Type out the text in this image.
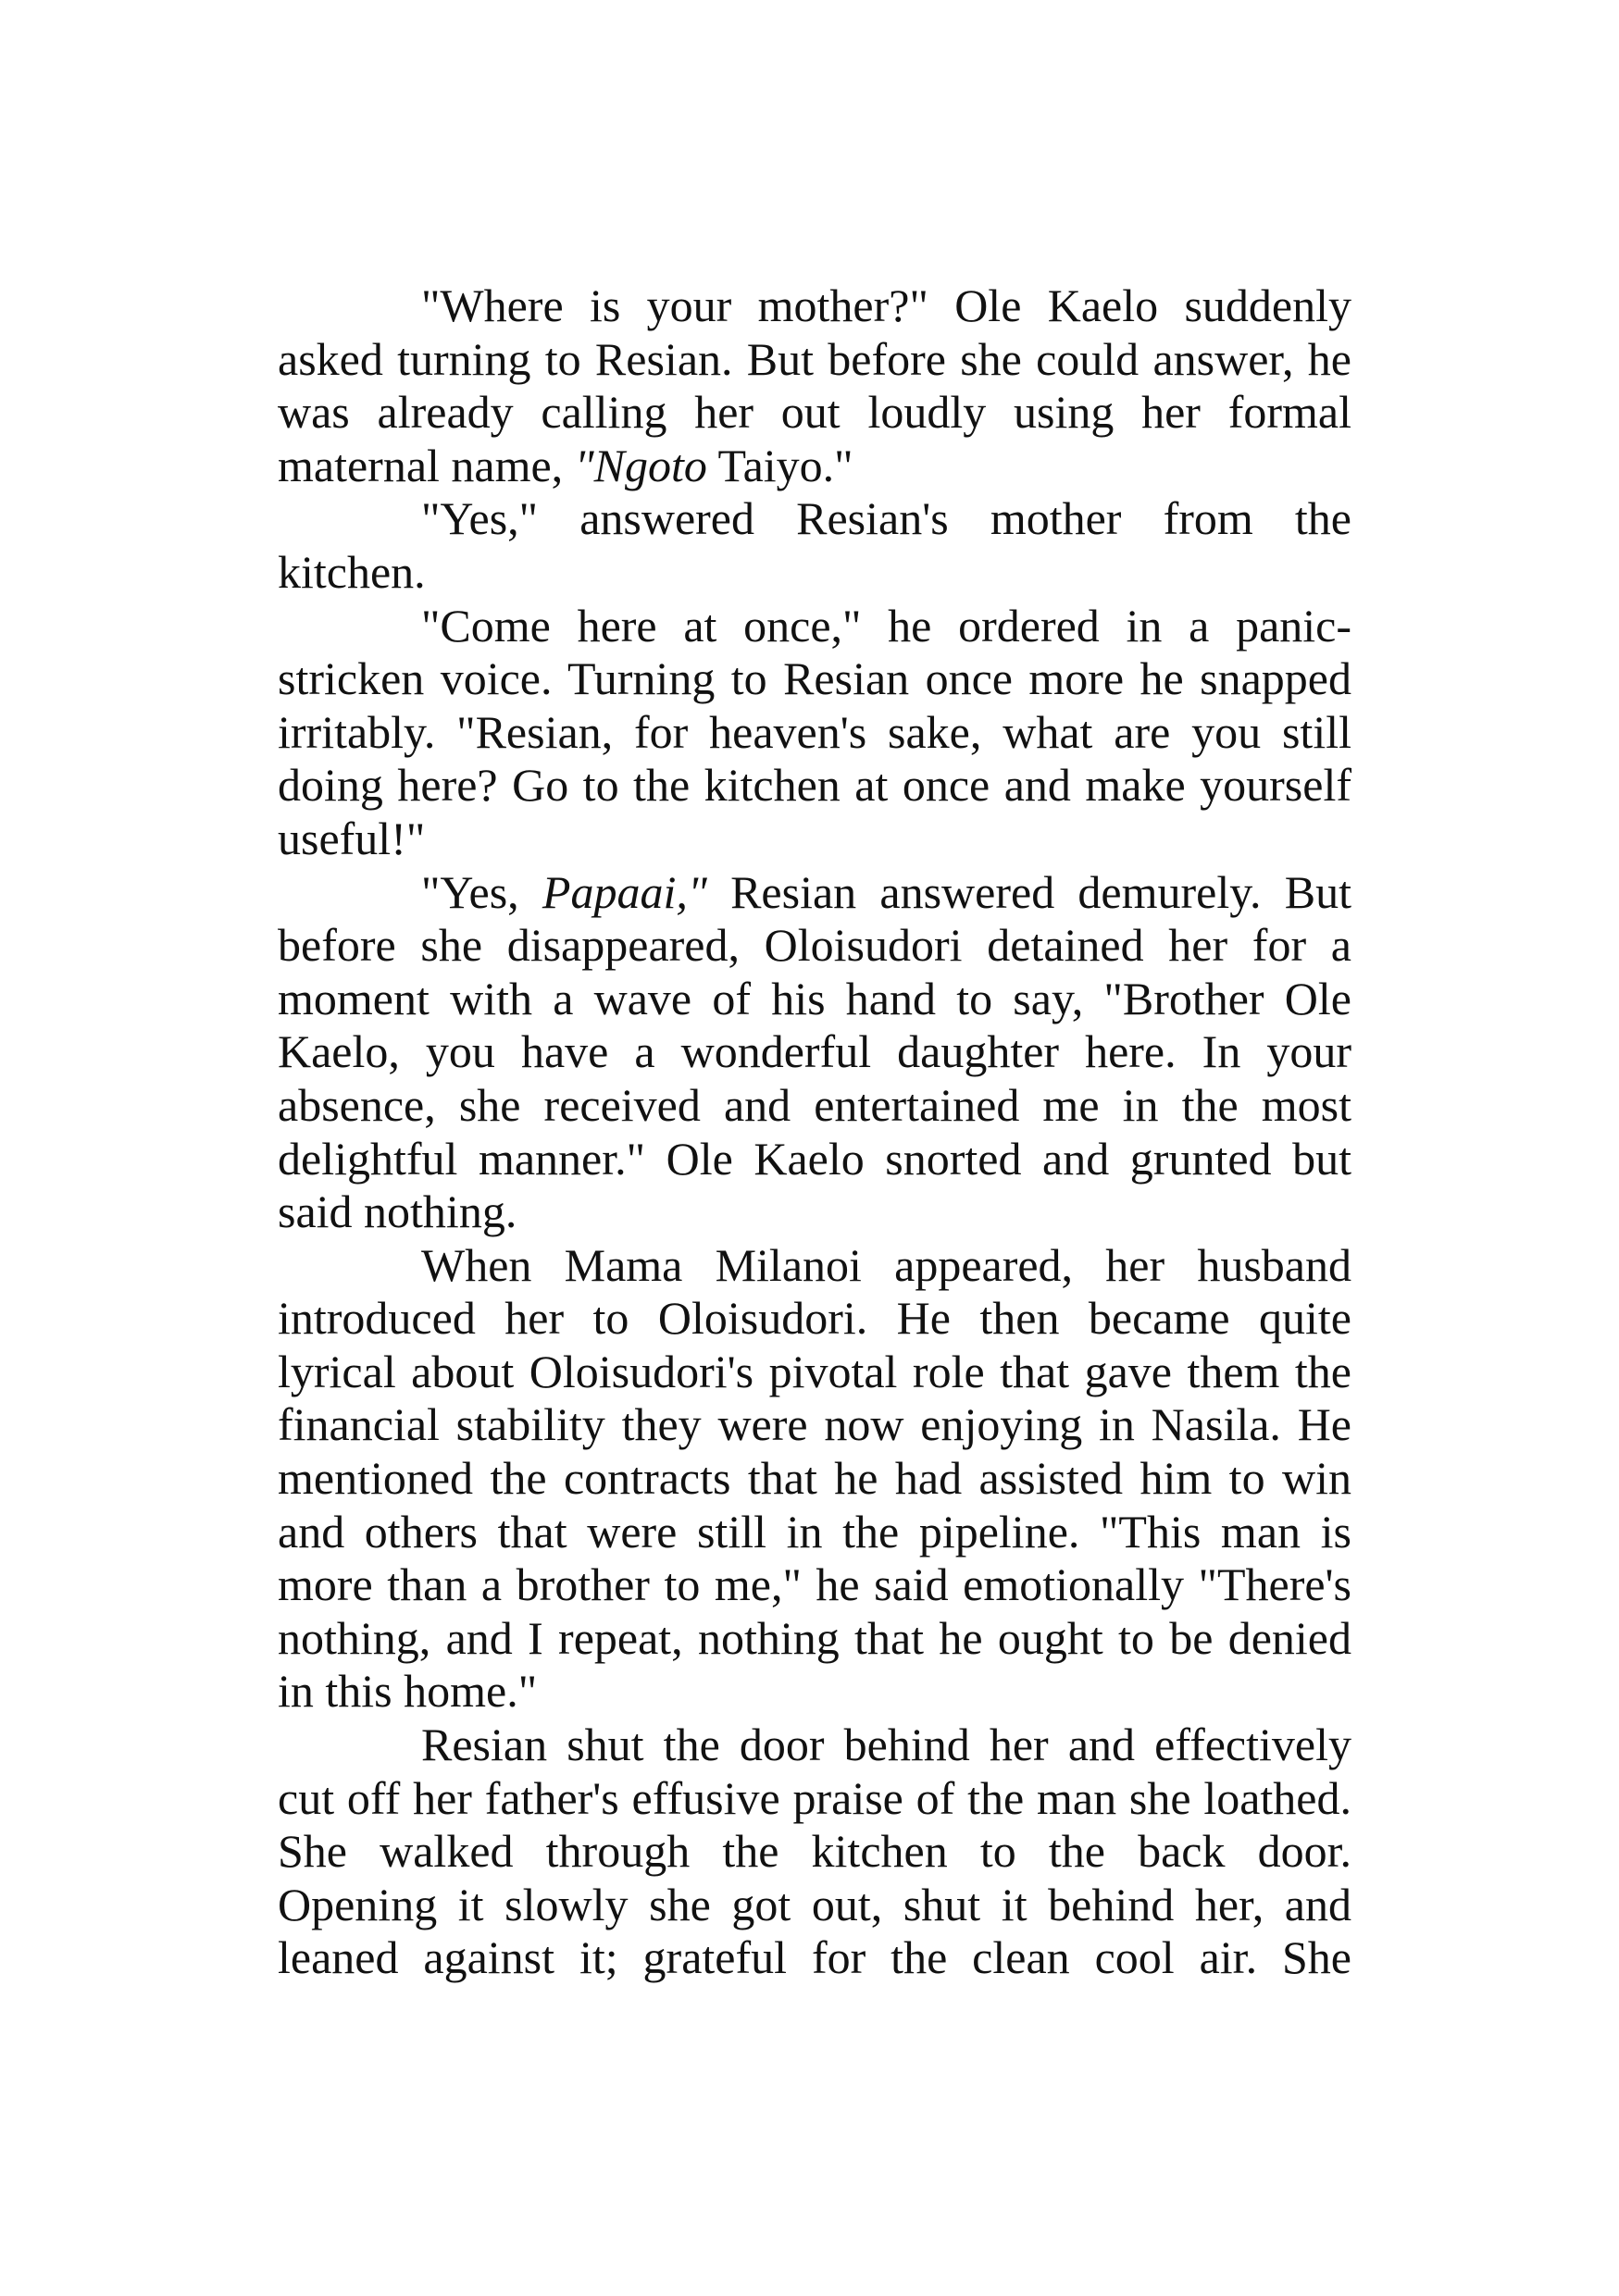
"Where is your mother?" Ole Kaelo suddenly
asked turning to Resian. But before she could answer, he
was already calling her out loudly using her formal
maternal name, "Ngoto Taiyo."

"Yes," answered Resian's mother from the
kitchen.

"Come here at once," he ordered in a panic-
stricken voice. Turning to Resian once more he snapped
irritably. "Resian, for heaven's sake, what are you still
doing here? Go to the kitchen at once and make yourself
useful!"

"Yes, Papaai," Resian answered demurely. But
before she disappeared, Oloisudori detained her for a
moment with a wave of his hand to say, "Brother Ole
Kaelo, you have a wonderful daughter here. In your
absence, she received and entertained me in the most
delightful manner." Ole Kaelo snorted and grunted but
said nothing.

When Mama Milanoi appeared, her husband
introduced her to Oloisudori. He then became quite
lyrical about Oloisudori's pivotal role that gave them the
financial stability they were now enjoying in Nasila. He
mentioned the contracts that he had assisted him to win
and others that were still in the pipeline. "This man is
more than a brother to me," he said emotionally "There's
nothing, and I repeat, nothing that he ought to be denied
in this home."

Resian shut the door behind her and effectively
cut off her father's effusive praise of the man she loathed.
She walked through the kitchen to the back door.
Opening it slowly she got out, shut it behind her, and
leaned against it; grateful for the clean cool air. She
